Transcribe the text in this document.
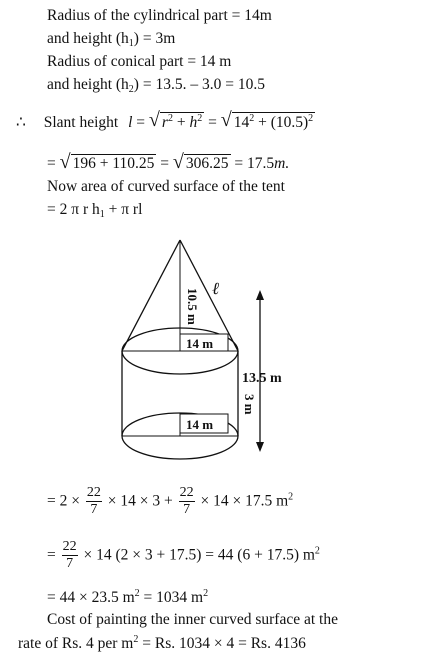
Radius of the cylindrical part = 14m
and height $(h_1) = 3m$
Radius of conical part = 14 m
and height $(h_2) = 13.5$. – 3.0 = 10.5
∴ Slant height l = √ $r^2 + h^2$ = √ $14^2 + (10.5)^2$
= √ 196 + 110.25 = √ 306.25 = 17.5m.
Now area of curved surface of the tent
= 2 π r $h_1 + \pi$ rl
ℓ
10.5 m
14 m
14 m
13.5 m
3 m
= $2 \times \frac{22}{7} \times 14 \times 3 + \frac{22}{7} \times 14 \times 17.5$ $m^2$
= $\frac{22}{7} \times 14$ (2 × 3 + 17.5) = 44 (6 + 17.5) $m^2$
= 44 × 23.5 $m^2 = 1034$ $m^2$
Cost of painting the inner curved surface at the
rate of Rs. 4 per $m^2 = Rs$. 1034 × 4 = Rs. 4136
